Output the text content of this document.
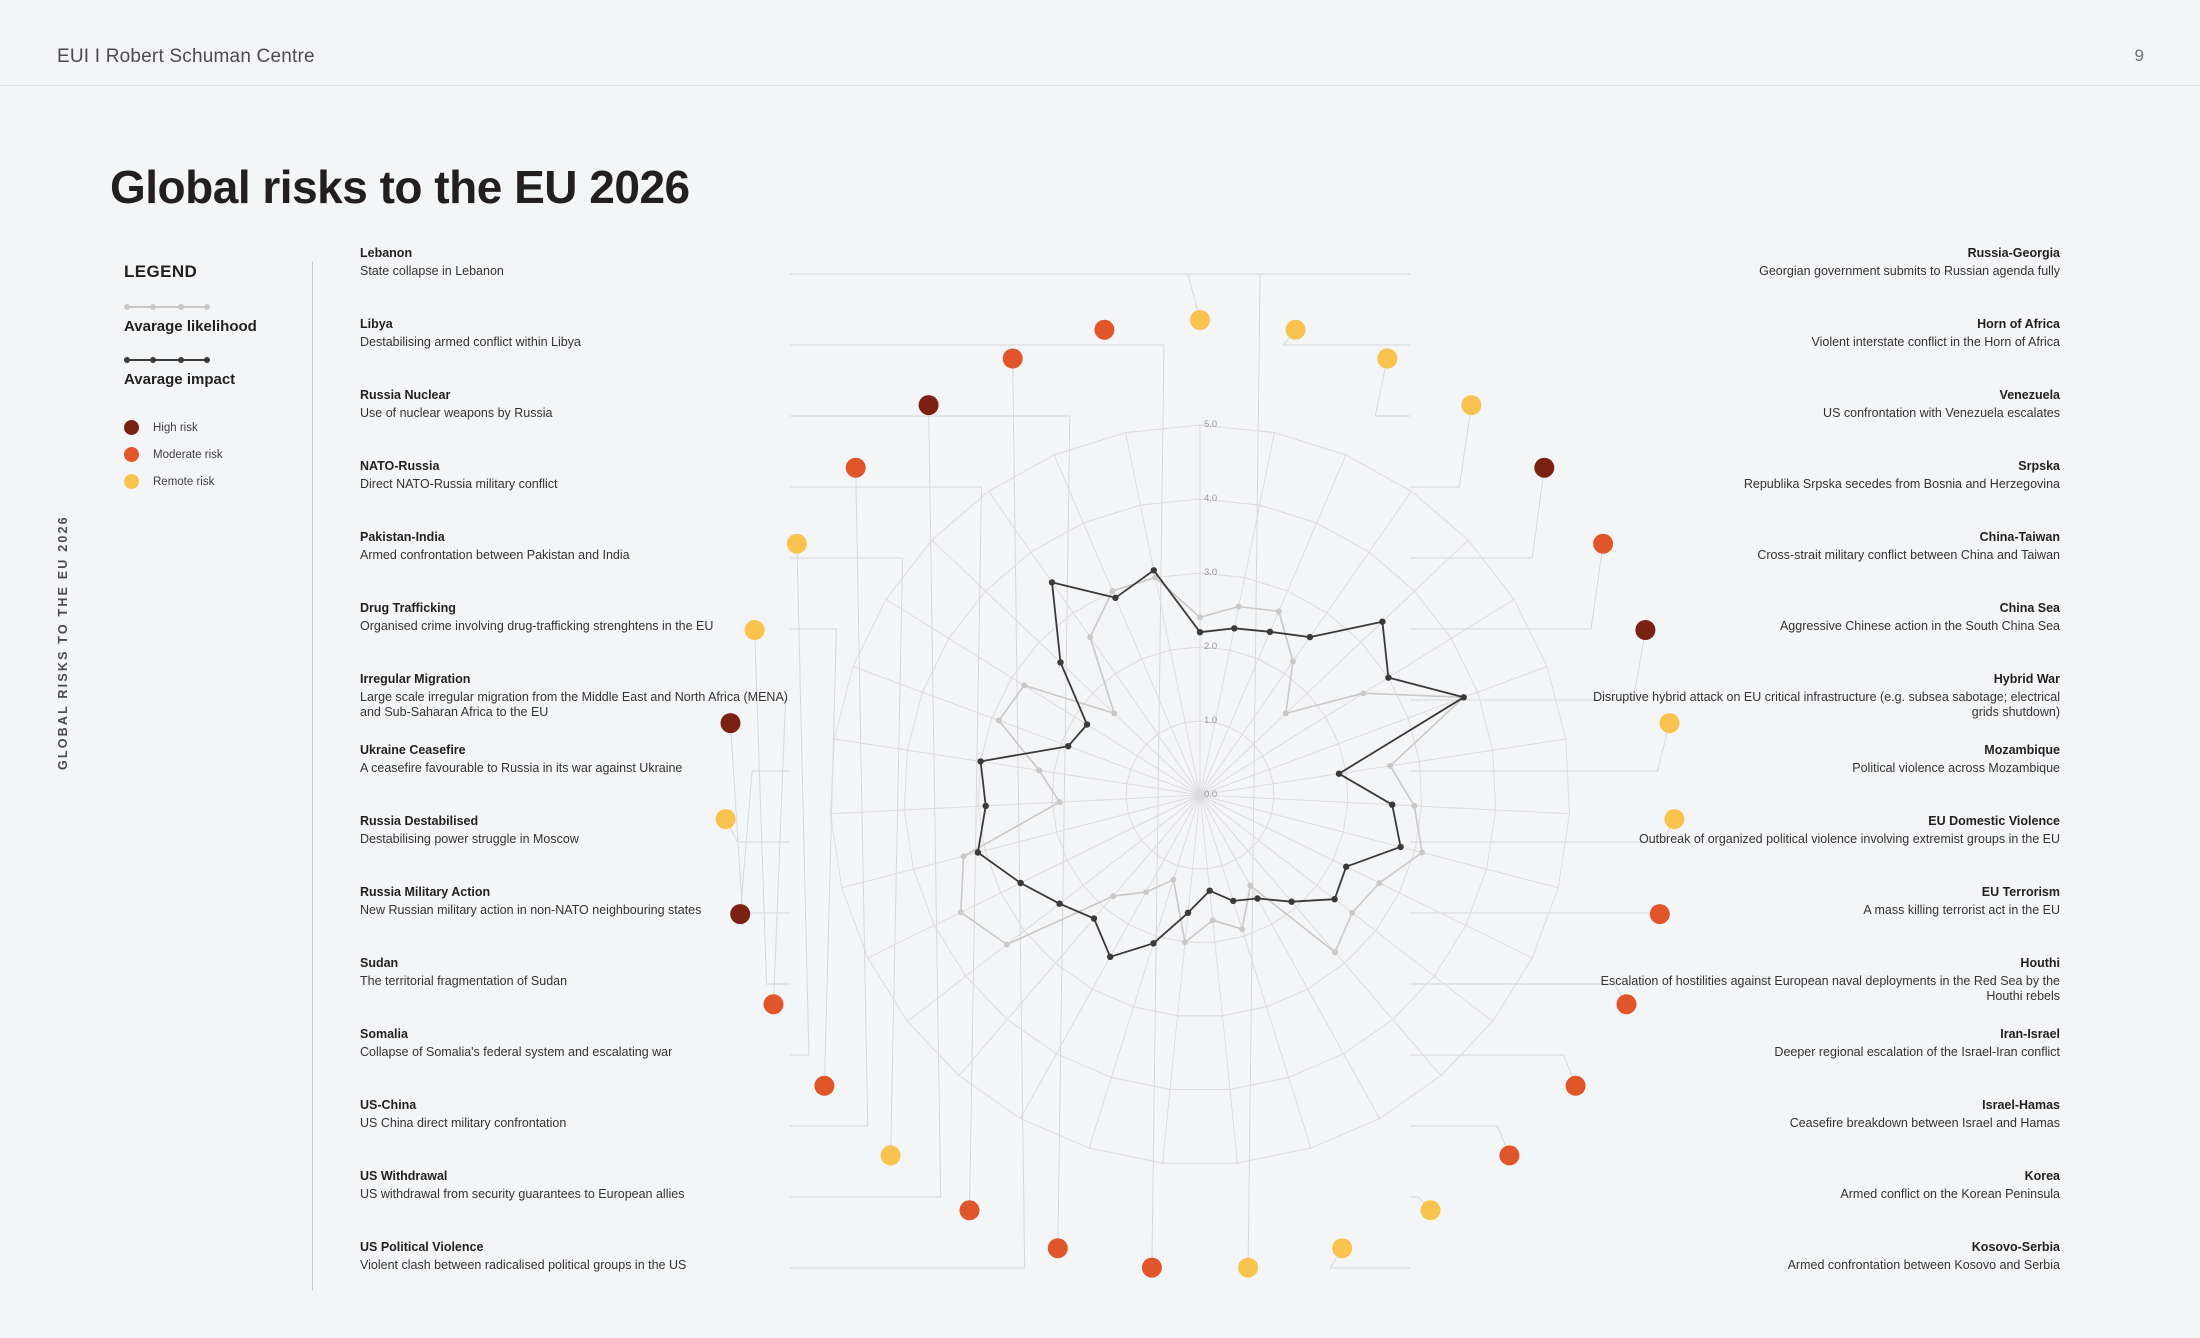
EUI I Robert Schuman Centre	9
Global risks to the EU 2026
GLOBAL RISKS TO THE EU 2026
LEGEND
Avarage likelihood
Avarage impact
High risk
Moderate risk
Remote risk
Russia-Georgia
Georgian government submits to Russian agenda fully
Horn of Africa
Violent interstate conflict in the Horn of Africa
Venezuela
US confrontation with Venezuela escalates
Srpska
Republika Srpska secedes from Bosnia and Herzegovina
China-Taiwan
Cross-strait military conflict between China and Taiwan
China Sea
Aggressive Chinese action in the South China Sea
Hybrid War
Disruptive hybrid attack on EU critical infrastructure (e.g. subsea sabotage; electrical grids shutdown)
Mozambique
Political violence across Mozambique
EU Domestic Violence
Outbreak of organized political violence involving extremist groups in the EU
EU Terrorism
A mass killing terrorist act in the EU
Houthi
Escalation of hostilities against European naval deployments in the Red Sea by the Houthi rebels
Iran-Israel
Deeper regional escalation of the Israel-Iran conflict
Israel-Hamas
Ceasefire breakdown between Israel and Hamas
Korea
Armed conflict on the Korean Peninsula
Kosovo-Serbia
Armed confrontation between Kosovo and Serbia
Lebanon
State collapse in Lebanon
Libya
Destabilising armed conflict within Libya
Russia Nuclear
Use of nuclear weapons by Russia
NATO-Russia
Direct NATO-Russia military conflict
Pakistan-India
Armed confrontation between Pakistan and India
Drug Trafficking
Organised crime involving drug-trafficking strenghtens in the EU
Irregular Migration
Large scale irregular migration from the Middle East and North Africa (MENA) and Sub-Saharan Africa to the EU
Ukraine Ceasefire
A ceasefire favourable to Russia in its war against Ukraine
Russia Destabilised
Destabilising power struggle in Moscow
Russia Military Action
New Russian military action in non-NATO neighbouring states
Sudan
The territorial fragmentation of Sudan
Somalia
Collapse of Somalia's federal system and escalating war
US-China
US China direct military confrontation
US Withdrawal
US withdrawal from security guarantees to European allies
US Political Violence
Violent clash between radicalised political groups in the US
0.0
1.0
2.0
3.0
4.0
5.0
